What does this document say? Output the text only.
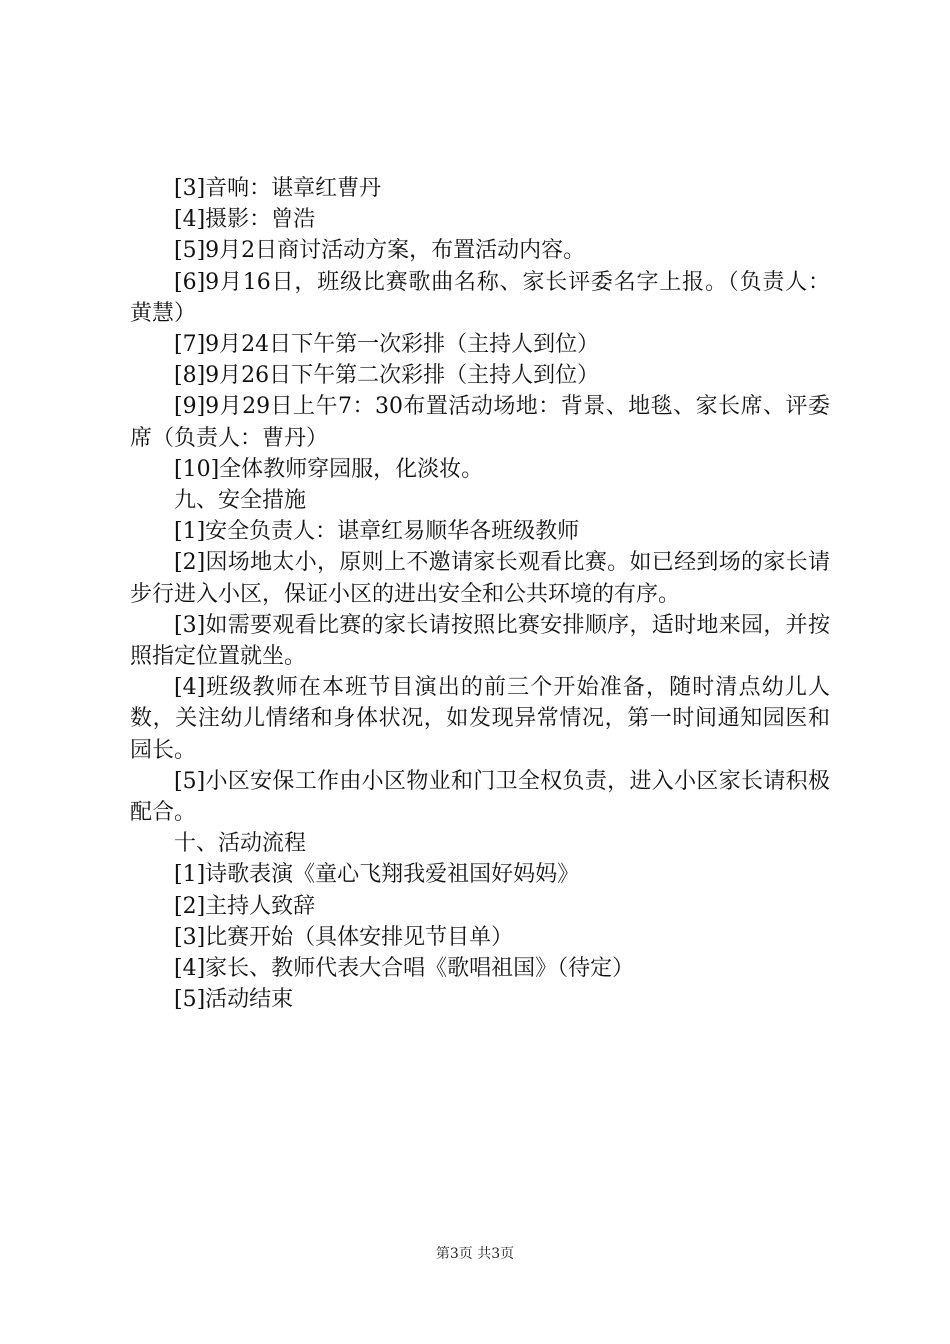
[3]音响：谌章红曹丹

[4]摄影：曾浩

[5]9月2日商讨活动方案，布置活动内容。

[6]9月16日，班级比赛歌曲名称、家长评委名字上报。（负责人：黄慧）

[7]9月24日下午第一次彩排（主持人到位）

[8]9月26日下午第二次彩排（主持人到位）

[9]9月29日上午7：30布置活动场地：背景、地毯、家长席、评委席（负责人：曹丹）

[10]全体教师穿园服，化淡妆。

九、安全措施

[1]安全负责人：谌章红易顺华各班级教师

[2]因场地太小，原则上不邀请家长观看比赛。如已经到场的家长请步行进入小区，保证小区的进出安全和公共环境的有序。

[3]如需要观看比赛的家长请按照比赛安排顺序，适时地来园，并按照指定位置就坐。

[4]班级教师在本班节目演出的前三个开始准备，随时清点幼儿人数，关注幼儿情绪和身体状况，如发现异常情况，第一时间通知园医和园长。

[5]小区安保工作由小区物业和门卫全权负责，进入小区家长请积极配合。

十、活动流程

[1]诗歌表演《童心飞翔我爱祖国好妈妈》

[2]主持人致辞

[3]比赛开始（具体安排见节目单）

[4]家长、教师代表大合唱《歌唱祖国》（待定）

[5]活动结束

第3页 共3页
